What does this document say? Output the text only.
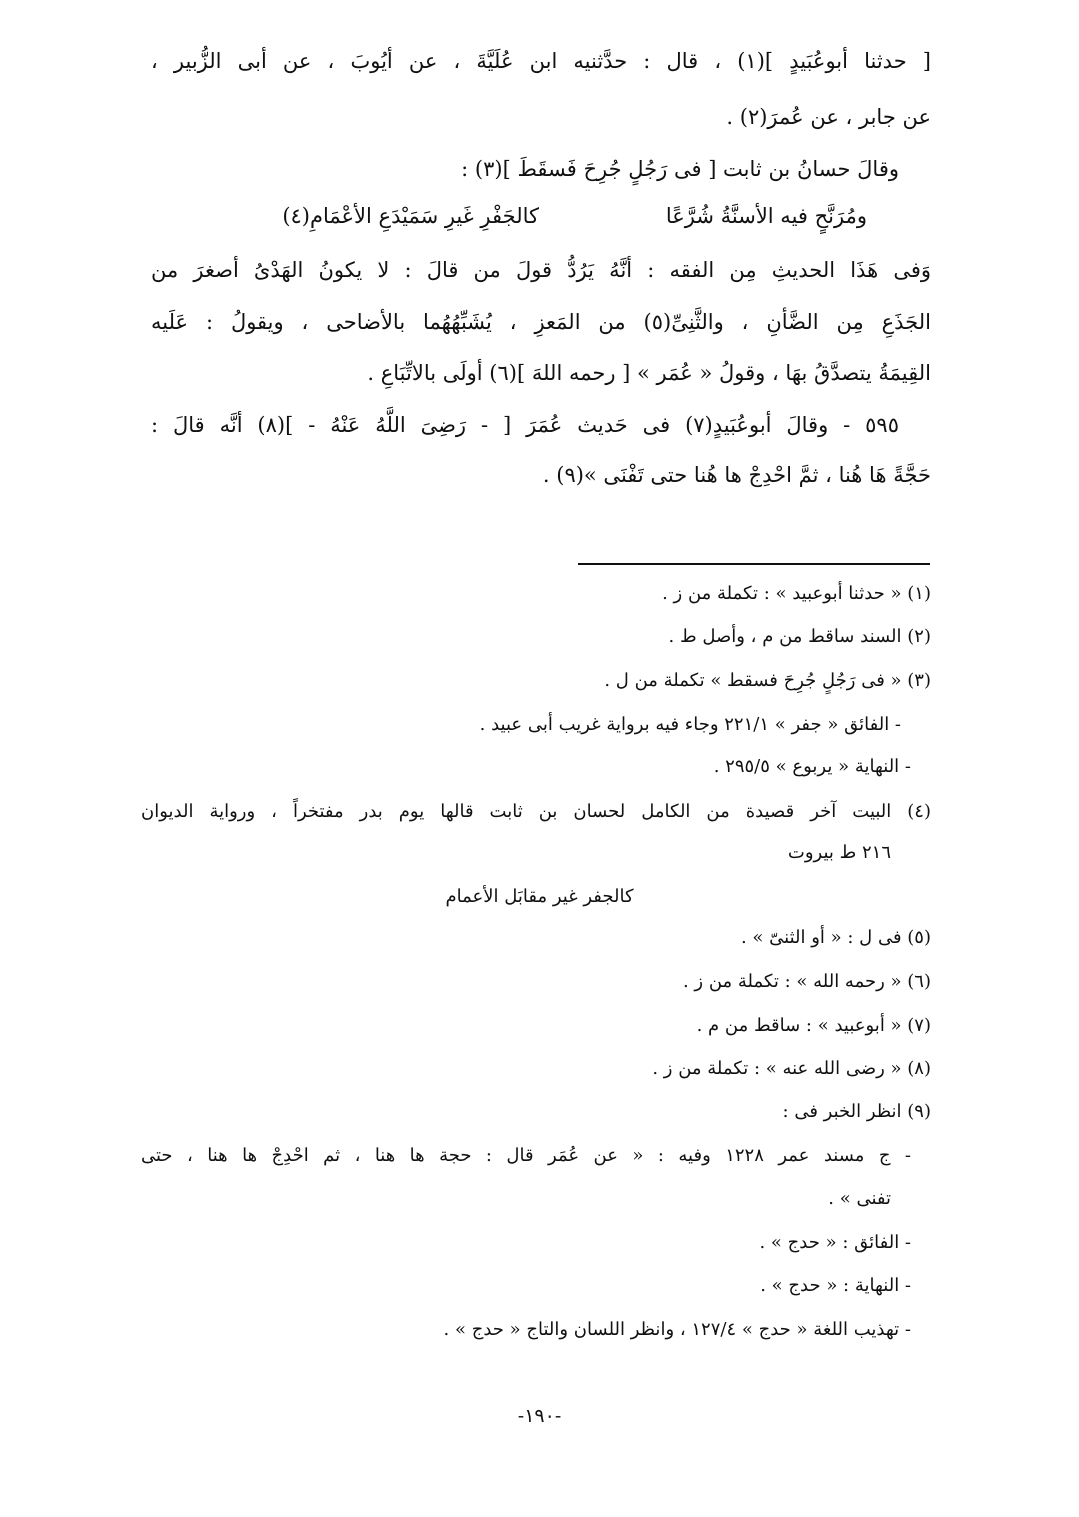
[ حدثنا أبوعُبَيدٍ ](١) ، قال : حدَّثنيه ابن عُلَيَّةَ ، عن أيُوبَ ، عن أبى الزُّبير ،
عن جابر ، عن عُمرَ(٢) .
وقالَ حسانُ بن ثابت [ فى رَجُلٍ جُرِحَ فَسقَطَ ](٣) :
ومُرَنَّحٍ فيه الأسنَّةُ شُرَّعًا
كالجَفْرِ غَيرِ سَمَيْدَعِ الأعْمَامِ(٤)
وَفى هَذَا الحديثِ مِن الفقه : أنَّهُ يَرُدُّ قولَ من قالَ : لا يكونُ الهَدْىُ أصغرَ من
الجَذَعِ مِن الضَّأنِ ، والثَّنِىِّ(٥) من المَعزِ ، يُشَبِّهُهُما بالأضاحى ، ويقولُ : عَلَيه
القِيمَةُ يتصدَّقُ بهَا ، وقولُ « عُمَر » [ رحمه اللهَ ](٦) أولَى بالاتِّبَاعِ .
٥٩٥ - وقالَ أبوعُبَيدٍ(٧) فى حَديث عُمَرَ [ - رَضِىَ اللَّهُ عَنْهُ - ](٨) أنَّه قالَ :
حَجَّةً هَا هُنا ، ثمَّ احْدِجْ ها هُنا حتى تَفْنَى »(٩) .
(١) « حدثنا أبوعبيد » : تكملة من ز .
(٢) السند ساقط من م ، وأصل ط .
(٣) « فى رَجُلٍ جُرِحَ فسقط » تكملة من ل .
- الفائق « جفر » ٢٢١/١ وجاء فيه برواية غريب أبى عبيد .
- النهاية « يربوع » ٢٩٥/٥ .
(٤) البيت آخر قصيدة من الكامل لحسان بن ثابت قالها يوم بدر مفتخراً ، ورواية الديوان
٢١٦ ط بيروت
كالجفر غير مقابَل الأعمام
(٥) فى ل : « أو الثنىّ » .
(٦) « رحمه الله » : تكملة من ز .
(٧) « أبوعبيد » : ساقط من م .
(٨) « رضى الله عنه » : تكملة من ز .
(٩) انظر الخبر فى :
- ج مسند عمر ١٢٢٨ وفيه : « عن عُمَر قال : حجة ها هنا ، ثم احْدِجْ ها هنا ، حتى
تفنى » .
- الفائق : « حدج » .
- النهاية : « حدج » .
- تهذيب اللغة « حدج » ١٢٧/٤ ، وانظر اللسان والتاج « حدج » .
-١٩٠-
